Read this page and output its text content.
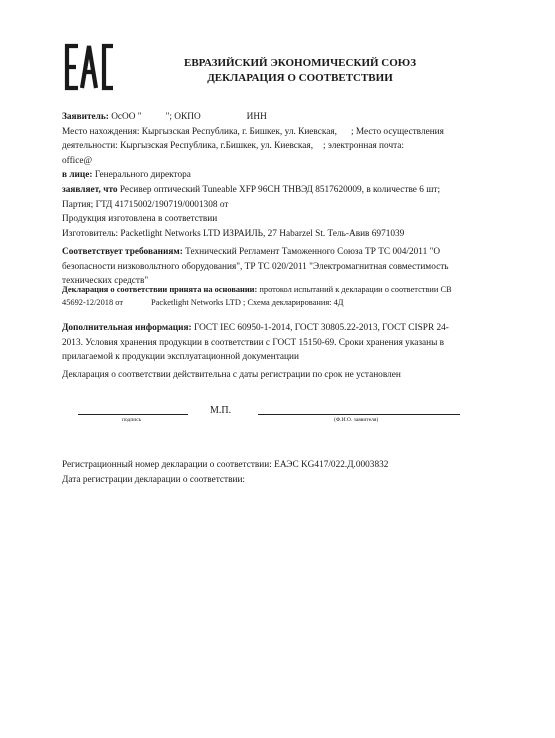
ЕВРАЗИЙСКИЙ ЭКОНОМИЧЕСКИЙ СОЮЗ
ДЕКЛАРАЦИЯ О СООТВЕТСТВИИ
Заявитель: ОсОО "	"; ОКПО	ИНН
Место нахождения: Кыргызская Республика, г. Бишкек, ул. Киевская, ; Место осуществления
деятельности: Кыргызская Республика, г.Бишкек, ул. Киевская, ; электронная почта:
office@
в лице: Генерального директора
заявляет, что Ресивер оптический Tuneable XFP 96CH ТНВЭД 8517620009, в количестве 6 шт;
Партия; ГТД 41715002/190719/0001308 от
Продукция изготовлена в соответствии
Изготовитель: Packetlight Networks LTD ИЗРАИЛЬ, 27 Habarzel St. Тель-Авив 6971039
Соответствует требованиям: Технический Регламент Таможенного Союза ТР ТС 004/2011 "О
безопасности низковольтного оборудования", ТР ТС 020/2011 "Электромагнитная совместимость
технических средств"
Декларация о соответствии принята на основании: протокол испытаний к декларации о соответствии СВ
45692-12/2018 от	Packetlight Networks LTD ; Схема декларирования: 4Д
Дополнительная информация: ГОСТ IEC 60950-1-2014, ГОСТ 30805.22-2013, ГОСТ CISPR 24-
2013. Условия хранения продукции в соответствии с ГОСТ 15150-69. Сроки хранения указаны в
прилагаемой к продукции эксплуатационной документации
Декларация о соответствии действительна с даты регистрации по срок не установлен
М.П.
подпись	(Ф.И.О. заявителя)
Регистрационный номер декларации о соответствии: ЕАЭС KG417/022.Д.0003832
Дата регистрации декларации о соответствии:
